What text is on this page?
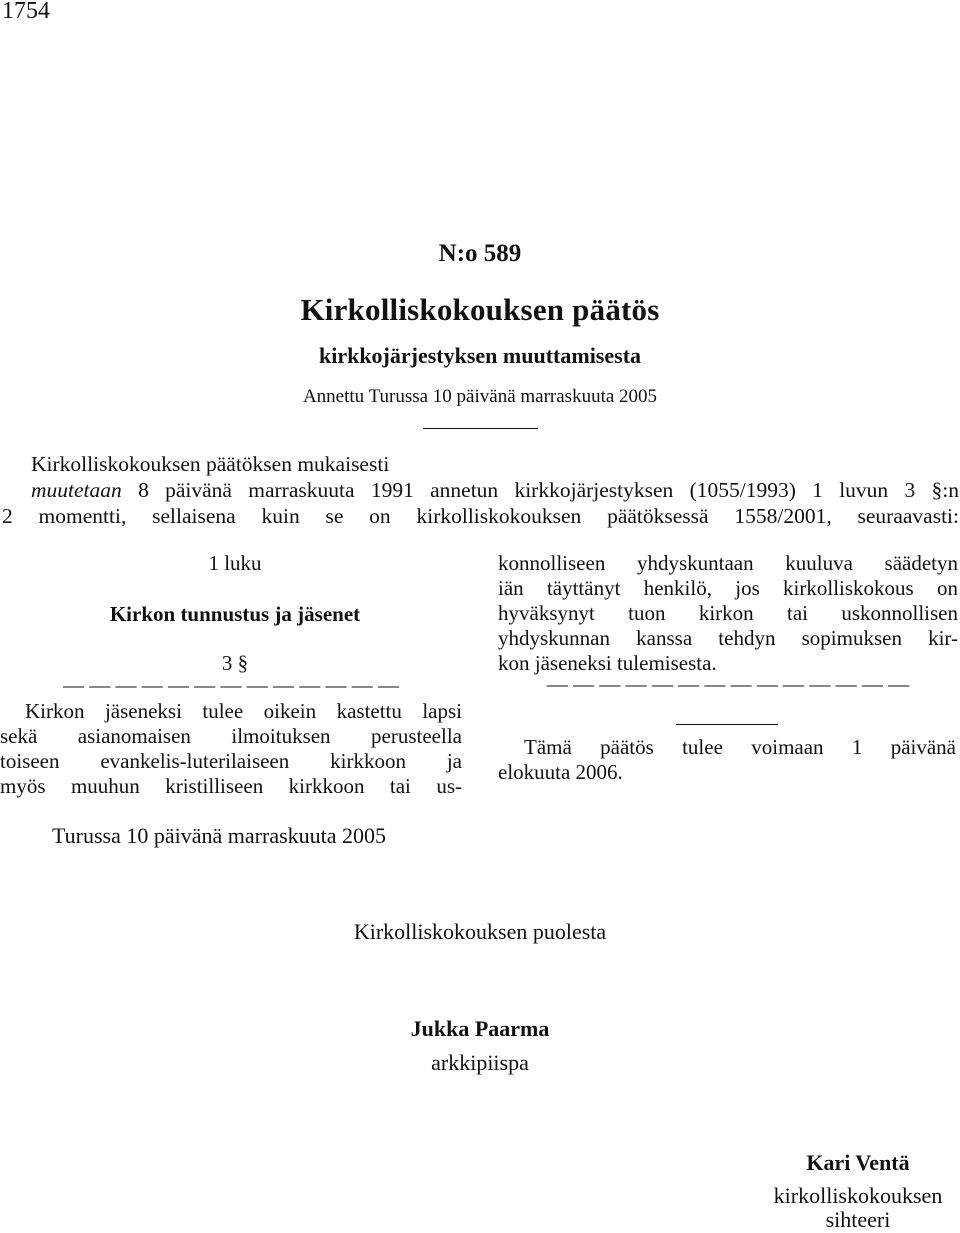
1754
N:o 589
Kirkolliskokouksen päätös
kirkkojärjestyksen muuttamisesta
Annettu Turussa 10 päivänä marraskuuta 2005
Kirkolliskokouksen päätöksen mukaisesti
muutetaan 8 päivänä marraskuuta 1991 annetun kirkkojärjestyksen (1055/1993) 1 luvun 3 §:n
2 momentti, sellaisena kuin se on kirkolliskokouksen päätöksessä 1558/2001, seuraavasti:
1 luku
Kirkon tunnustus ja jäsenet
3 §
— — — — — — — — — — — — —
Kirkon jäseneksi tulee oikein kastettu lapsi
sekä asianomaisen ilmoituksen perusteella
toiseen evankelis-luterilaiseen kirkkoon ja
myös muuhun kristilliseen kirkkoon tai us-
konnolliseen yhdyskuntaan kuuluva säädetyn
iän täyttänyt henkilö, jos kirkolliskokous on
hyväksynyt tuon kirkon tai uskonnollisen
yhdyskunnan kanssa tehdyn sopimuksen kir-
kon jäseneksi tulemisesta.
— — — — — — — — — — — — — —
Tämä päätös tulee voimaan 1 päivänä
elokuuta 2006.
Turussa 10 päivänä marraskuuta 2005
Kirkolliskokouksen puolesta
Jukka Paarma
arkkipiispa
Kari Ventä
kirkolliskokouksen
sihteeri
